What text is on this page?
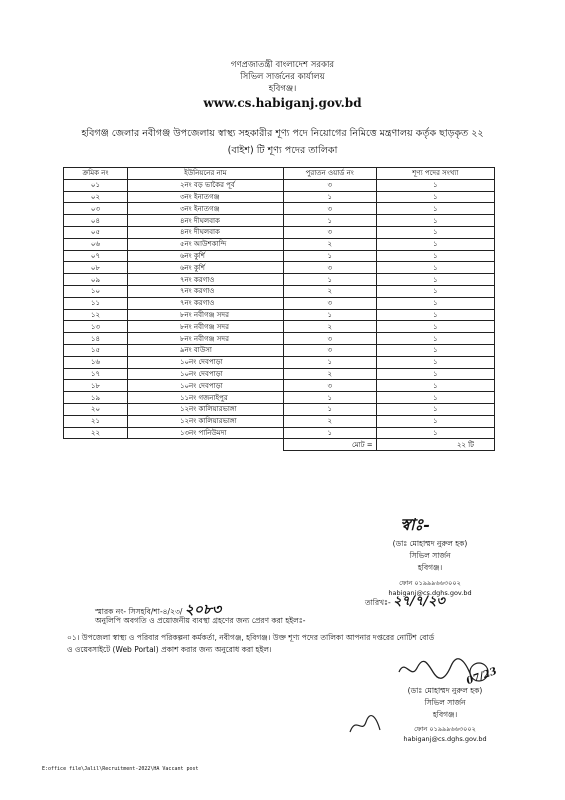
গণপ্রজাতন্ত্রী বাংলাদেশ সরকার
সিভিল সার্জনের কার্যালয়
হবিগঞ্জ।
www.cs.habiganj.gov.bd
হবিগঞ্জ জেলার নবীগঞ্জ উপজেলায় স্বাস্থ্য সহকারীর শূণ্য পদে নিয়োগের নিমিত্তে মন্ত্রণালয় কর্তৃক ছাড়কৃত ২২
(বাইশ) টি শূণ্য পদের তালিকা
ক্রমিক নং	ইউনিয়নের নাম	পুরাতন ওয়ার্ড নং	শূণ্য পদের সংখ্যা
০১	২নং বড় ভাকৈর পূর্ব	৩	১
০২	৩নং ইনাতগঞ্জ	১	১
০৩	৩নং ইনাতগঞ্জ	৩	১
০৪	৪নং দীঘলবাক	১	১
০৫	৪নং দীঘলবাক	৩	১
০৬	৫নং আউশকান্দি	২	১
০৭	৬নং কুর্শি	১	১
০৮	৬নং কুর্শি	৩	১
০৯	৭নং করগাও	১	১
১০	৭নং করগাও	২	১
১১	৭নং করগাও	৩	১
১২	৮নং নবীগঞ্জ সদর	১	১
১৩	৮নং নবীগঞ্জ সদর	২	১
১৪	৮নং নবীগঞ্জ সদর	৩	১
১৫	৯নং বাউসা	৩	১
১৬	১০নং দেবপাড়া	১	১
১৭	১০নং দেবপাড়া	২	১
১৮	১০নং দেবপাড়া	৩	১
১৯	১১নং গজনাইপুর	১	১
২০	১২নং কালিয়ারভাঙ্গা	১	১
২১	১২নং কালিয়ারভাঙ্গা	২	১
২২	১৩নং পানিউমদা	১	১
		মোট =	২২ টি
স্বাঃ-
(ডাঃ মোহাম্মদ নুরুল হক)
সিভিল সার্জন
হবিগঞ্জ।
ফোন ০১৯৯৯৬৬৩০০২
habiganj@cs.dghs.gov.bd
স্মারক নং- সিসহবি/শা-৪/২৩/ ২০৮৩	তারিখঃ- ২৭/৭/২৩
অনুলিপি অবগতি ও প্রয়োজনীয় ব্যবস্থা গ্রহণের জন্য প্রেরণ করা হইলঃ-
০১। উপজেলা স্বাস্থ্য ও পরিবার পরিকল্পনা কর্মকর্তা, নবীগঞ্জ, হবিগঞ্জ। উক্ত শূণ্য পদের তালিকা আপনার দপ্তরের নোটিশ বোর্ড
ও ওয়েবসাইটে (Web Portal) প্রকাশ করার জন্য অনুরোধ করা হইল।
07/23
(ডাঃ মোহাম্মদ নুরুল হক)
সিভিল সার্জন
হবিগঞ্জ।
ফোন ০১৯৯৯৬৬৩০০২
habiganj@cs.dghs.gov.bd
E:office file\Jalil\Recruitment-2022\HA Vaccant post
